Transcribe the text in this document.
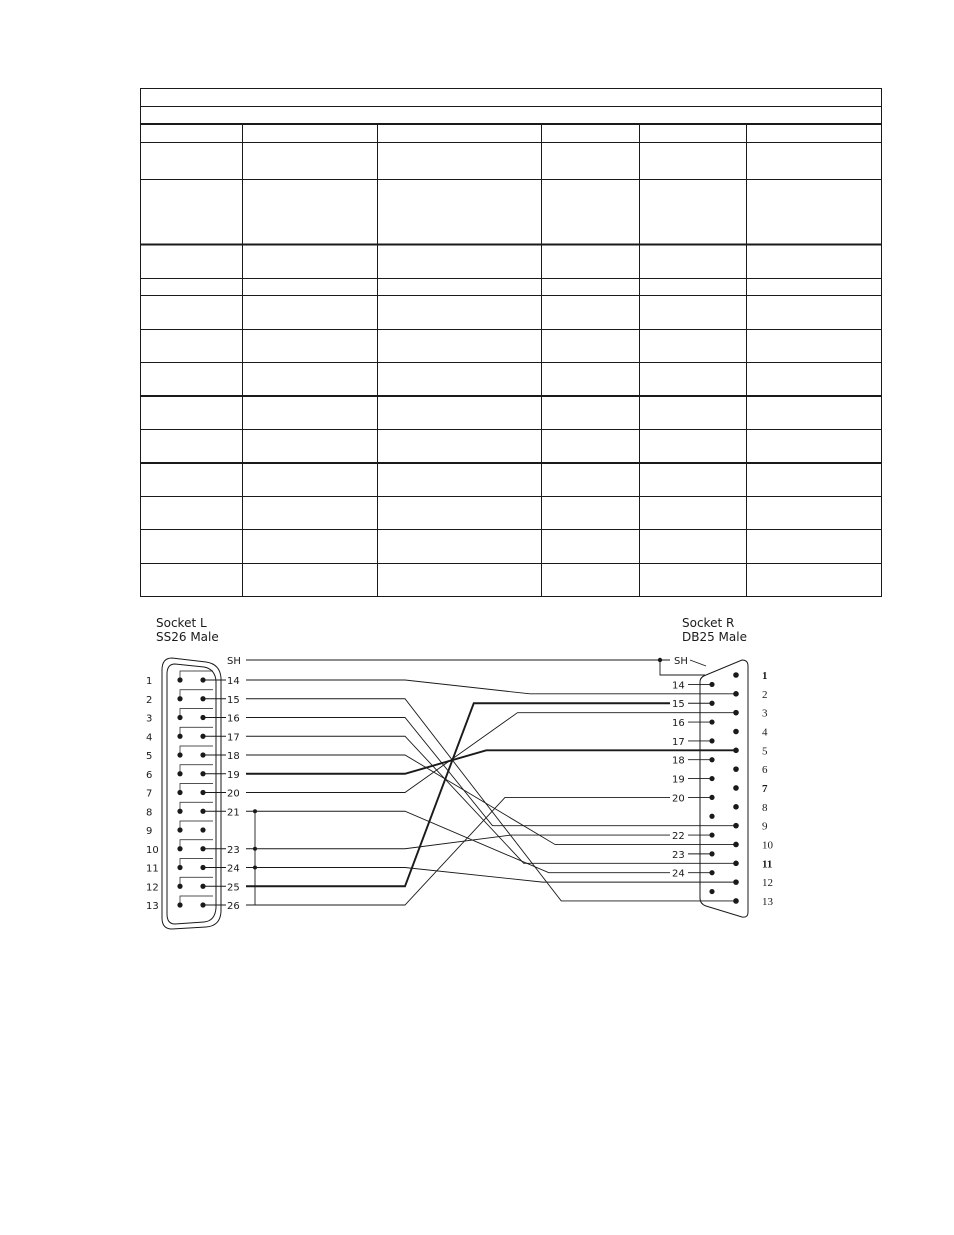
Socket L
SS26 Male
Socket R
DB25 Male
1
2
3
4
5
6
7
8
9
10
11
12
13
SH
14
15
16
17
18
19
20
21
23
24
25
26
1
2
3
4
5
6
7
8
9
10
11
12
13
SH
14
15
16
17
18
19
20
22
23
24
